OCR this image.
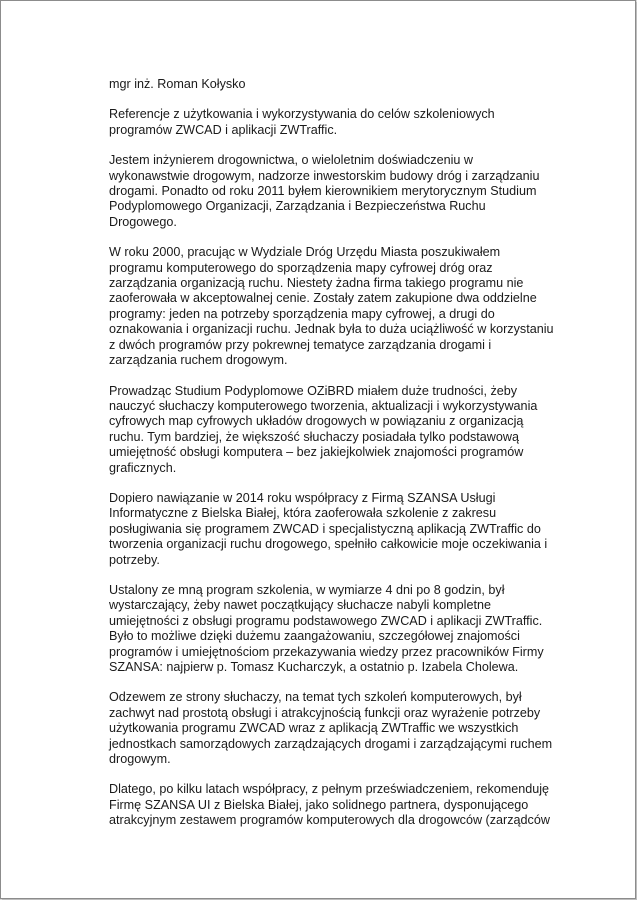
mgr inż. Roman Kołysko
Referencje z użytkowania i wykorzystywania do celów szkoleniowych
programów ZWCAD i aplikacji ZWTraffic.
Jestem inżynierem drogownictwa, o wieloletnim doświadczeniu w
wykonawstwie drogowym, nadzorze inwestorskim budowy dróg i zarządzaniu
drogami. Ponadto od roku 2011 byłem kierownikiem merytorycznym Studium
Podyplomowego Organizacji, Zarządzania i Bezpieczeństwa Ruchu
Drogowego.
W roku 2000, pracując w Wydziale Dróg Urzędu Miasta poszukiwałem
programu komputerowego do sporządzenia mapy cyfrowej dróg oraz
zarządzania organizacją ruchu. Niestety żadna firma takiego programu nie
zaoferowała w akceptowalnej cenie. Zostały zatem zakupione dwa oddzielne
programy: jeden na potrzeby sporządzenia mapy cyfrowej, a drugi do
oznakowania i organizacji ruchu. Jednak była to duża uciążliwość w korzystaniu
z dwóch programów przy pokrewnej tematyce zarządzania drogami i
zarządzania ruchem drogowym.
Prowadząc Studium Podyplomowe OZiBRD miałem duże trudności, żeby
nauczyć słuchaczy komputerowego tworzenia, aktualizacji i wykorzystywania
cyfrowych map cyfrowych układów drogowych w powiązaniu z organizacją
ruchu. Tym bardziej, że większość słuchaczy posiadała tylko podstawową
umiejętność obsługi komputera – bez jakiejkolwiek znajomości programów
graficznych.
Dopiero nawiązanie w 2014 roku współpracy z Firmą SZANSA Usługi
Informatyczne z Bielska Białej, która zaoferowała szkolenie z zakresu
posługiwania się programem ZWCAD i specjalistyczną aplikacją ZWTraffic do
tworzenia organizacji ruchu drogowego, spełniło całkowicie moje oczekiwania i
potrzeby.
Ustalony ze mną program szkolenia, w wymiarze 4 dni po 8 godzin, był
wystarczający, żeby nawet początkujący słuchacze nabyli kompletne
umiejętności z obsługi programu podstawowego ZWCAD i aplikacji ZWTraffic.
Było to możliwe dzięki dużemu zaangażowaniu, szczegółowej znajomości
programów i umiejętnościom przekazywania wiedzy przez pracowników Firmy
SZANSA: najpierw p. Tomasz Kucharczyk, a ostatnio p. Izabela Cholewa.
Odzewem ze strony słuchaczy, na temat tych szkoleń komputerowych, był
zachwyt nad prostotą obsługi i atrakcyjnością funkcji oraz wyrażenie potrzeby
użytkowania programu ZWCAD wraz z aplikacją ZWTraffic we wszystkich
jednostkach samorządowych zarządzających drogami i zarządzającymi ruchem
drogowym.
Dlatego, po kilku latach współpracy, z pełnym przeświadczeniem, rekomenduję
Firmę SZANSA UI z Bielska Białej, jako solidnego partnera, dysponującego
atrakcyjnym zestawem programów komputerowych dla drogowców (zarządców
